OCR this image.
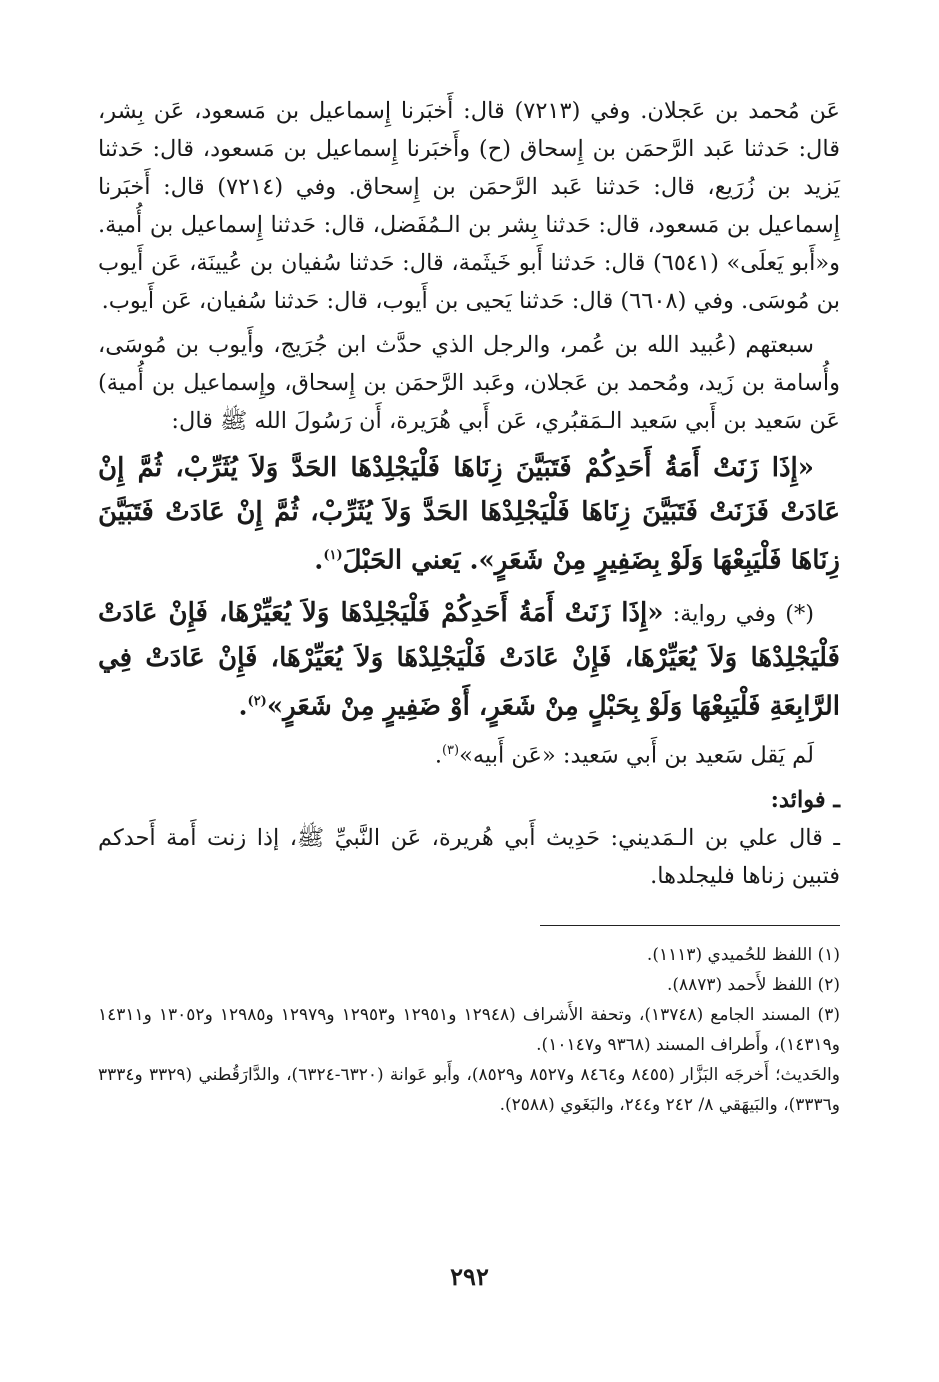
عَن مُحمد بن عَجلان. وفي (٧٢١٣) قال: أَخبَرنا إِسماعيل بن مَسعود، عَن بِشر، قال: حَدثنا عَبد الرَّحمَن بن إِسحاق (ح) وأَخبَرنا إِسماعيل بن مَسعود، قال: حَدثنا يَزيد بن زُرَيع، قال: حَدثنا عَبد الرَّحمَن بن إِسحاق. وفي (٧٢١٤) قال: أَخبَرنا إِسماعيل بن مَسعود، قال: حَدثنا بِشر بن الـمُفَضل، قال: حَدثنا إِسماعيل بن أُمية. و«أَبو يَعلَى» (٦٥٤١) قال: حَدثنا أَبو خَيثَمة، قال: حَدثنا سُفيان بن عُيينَة، عَن أَيوب بن مُوسَى. وفي (٦٦٠٨) قال: حَدثنا يَحيى بن أَيوب، قال: حَدثنا سُفيان، عَن أَيوب.

سبعتهم (عُبيد الله بن عُمر، والرجل الذي حدَّث ابن جُرَيج، وأَيوب بن مُوسَى، وأُسامة بن زَيد، ومُحمد بن عَجلان، وعَبد الرَّحمَن بن إِسحاق، وإِسماعيل بن أُمية) عَن سَعيد بن أَبي سَعيد الـمَقبُري، عَن أَبي هُرَيرة، أَن رَسُولَ الله ﷺ قال:

«إِذَا زَنَتْ أَمَةُ أَحَدِكُمْ فَتَبَيَّنَ زِنَاهَا فَلْيَجْلِدْهَا الحَدَّ وَلاَ يُثَرِّبْ، ثُمَّ إِنْ عَادَتْ فَزَنَتْ فَتَبَيَّنَ زِنَاهَا فَلْيَجْلِدْهَا الحَدَّ وَلاَ يُثَرِّبْ، ثُمَّ إِنْ عَادَتْ فَتَبَيَّنَ زِنَاهَا فَلْيَبِعْهَا وَلَوْ بِضَفِيرٍ مِنْ شَعَرٍ». يَعني الحَبْلَ$^{(١)}$.

(*) وفي رواية: «إِذَا زَنَتْ أَمَةُ أَحَدِكُمْ فَلْيَجْلِدْهَا وَلاَ يُعَيِّرْهَا، فَإِنْ عَادَتْ فَلْيَجْلِدْهَا وَلاَ يُعَيِّرْهَا، فَإِنْ عَادَتْ فَلْيَجْلِدْهَا وَلاَ يُعَيِّرْهَا، فَإِنْ عَادَتْ فِي الرَّابِعَةِ فَلْيَبِعْهَا وَلَوْ بِحَبْلٍ مِنْ شَعَرٍ، أَوْ ضَفِيرٍ مِنْ شَعَرٍ»$^{(٢)}$.

لَم يَقل سَعيد بن أَبي سَعيد: «عَن أَبيه»$^{(٣)}$.

ـ فوائد:

ـ قال علي بن الـمَديني: حَدِيث أَبي هُريرة، عَن النَّبيِّ ﷺ، إذا زنت أَمة أَحدكم فتبين زناها فليجلدها.

(١) اللفظ للحُميدي (١١١٣).

(٢) اللفظ لأَحمد (٨٨٧٣).

(٣) المسند الجامع (١٣٧٤٨)، وتحفة الأَشراف (١٢٩٤٨ و١٢٩٥١ و١٢٩٥٣ و١٢٩٧٩ و١٢٩٨٥ و١٣٠٥٢ و١٤٣١١ و١٤٣١٩)، وأَطراف المسند (٩٣٦٨ و١٠١٤٧).

والحَديث؛ أَخرجَه البَزَّار (٨٤٥٥ و٨٤٦٤ و٨٥٢٧ و٨٥٢٩)، وأَبو عَوانة (٦٣٢٠-٦٣٢٤)، والدَّارَقُطني (٣٣٢٩ و٣٣٣٤ و٣٣٣٦)، والبَيهَقي ٨/ ٢٤٢ و٢٤٤، والبَغَوي (٢٥٨٨).

٢٩٢
